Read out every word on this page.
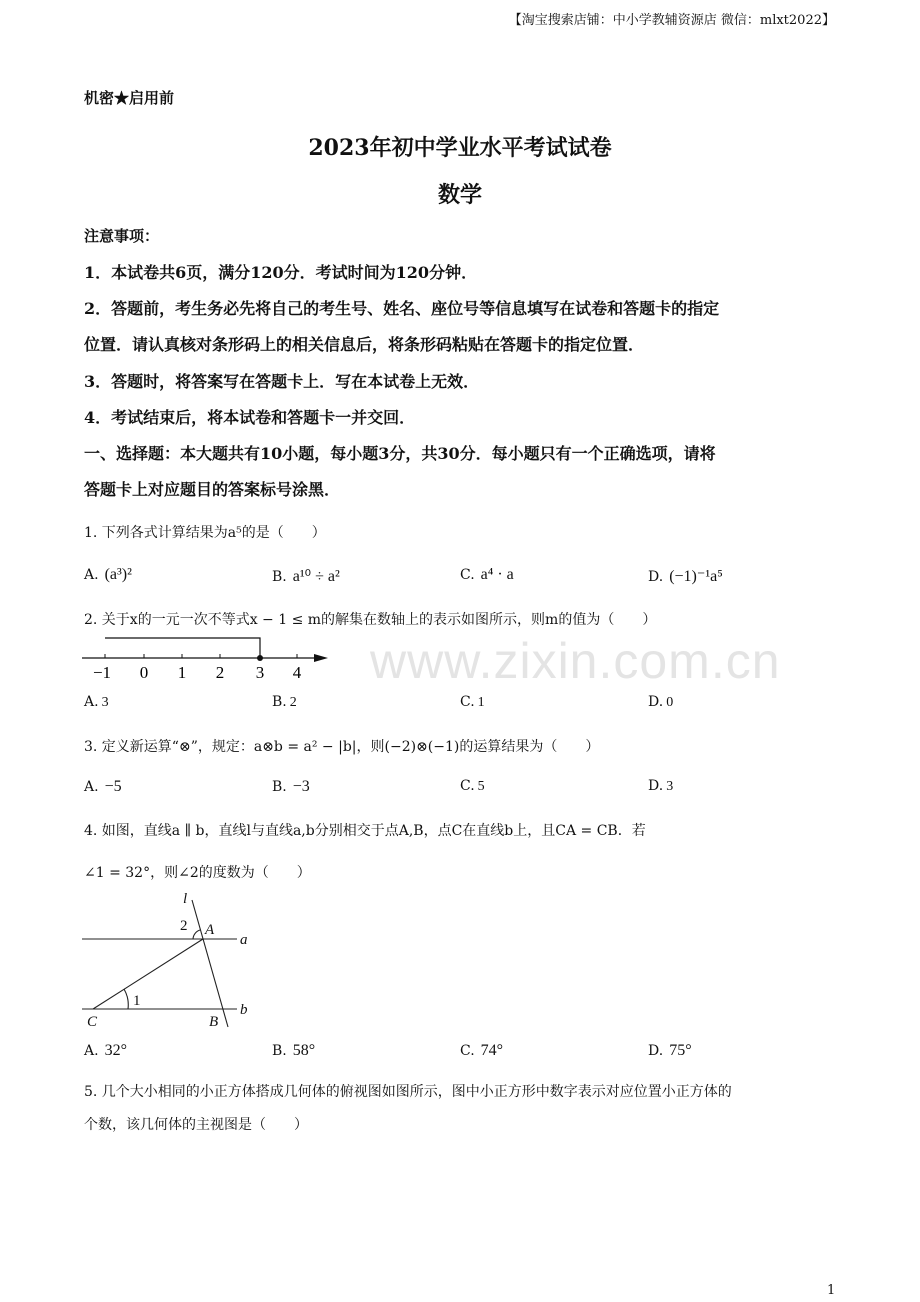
【淘宝搜索店铺：中小学教辅资源店 微信：mlxt2022】
www.zixin.com.cn
机密★启用前
2023年初中学业水平考试试卷
数学
注意事项：
1．本试卷共6页，满分120分．考试时间为120分钟．
2．答题前，考生务必先将自己的考生号、姓名、座位号等信息填写在试卷和答题卡的指定
位置．请认真核对条形码上的相关信息后，将条形码粘贴在答题卡的指定位置．
3．答题时，将答案写在答题卡上．写在本试卷上无效．
4．考试结束后，将本试卷和答题卡一并交回．
一、选择题：本大题共有10小题，每小题3分，共30分．每小题只有一个正确选项，请将
答题卡上对应题目的答案标号涂黑．
1. 下列各式计算结果为a⁵的是（　　）
A. (a³)²	B. a¹⁰ ÷ a²	C. a⁴ · a	D. (−1)⁻¹a⁵
2. 关于x的一元一次不等式x − 1 ≤ m的解集在数轴上的表示如图所示，则m的值为（　　）
−1 0 1 2 3 4
A. 3	B. 2	C. 1	D. 0
3. 定义新运算“⊗”，规定：a⊗b = a² − |b|，则(−2)⊗(−1)的运算结果为（　　）
A. −5	B. −3	C. 5	D. 3
4. 如图，直线a ∥ b，直线l与直线a,b分别相交于点A,B，点C在直线b上，且CA = CB．若
∠1 = 32°，则∠2的度数为（　　）
l
2 A
a
1
b
C	B
A. 32°	B. 58°	C. 74°	D. 75°
5. 几个大小相同的小正方体搭成几何体的俯视图如图所示，图中小正方形中数字表示对应位置小正方体的
个数，该几何体的主视图是（　　）
1
